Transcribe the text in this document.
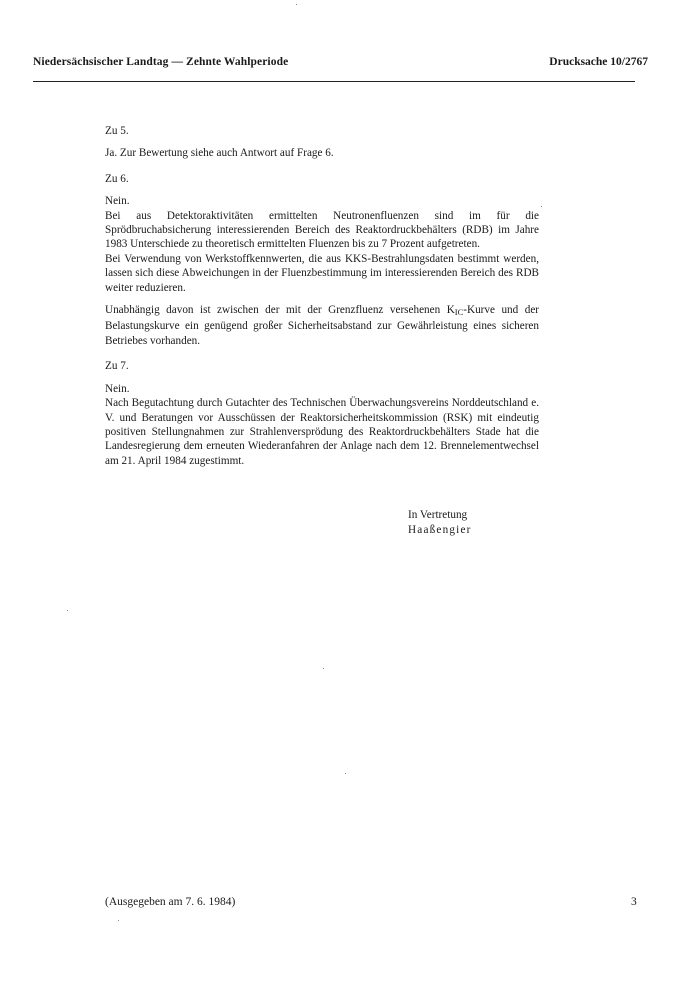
Niedersächsischer Landtag — Zehnte Wahlperiode	Drucksache 10/2767

Zu 5.

Ja. Zur Bewertung siehe auch Antwort auf Frage 6.

Zu 6.

Nein.

Bei aus Detektoraktivitäten ermittelten Neutronenfluenzen sind im für die Sprödbruchabsicherung interessierenden Bereich des Reaktordruckbehälters (RDB) im Jahre 1983 Unterschiede zu theoretisch ermittelten Fluenzen bis zu 7 Prozent aufgetreten.

Bei Verwendung von Werkstoffkennwerten, die aus KKS-Bestrahlungsdaten bestimmt werden, lassen sich diese Abweichungen in der Fluenzbestimmung im interessierenden Bereich des RDB weiter reduzieren.

Unabhängig davon ist zwischen der mit der Grenzfluenz versehenen $K_{IC}$-Kurve und der Belastungskurve ein genügend großer Sicherheitsabstand zur Gewährleistung eines sicheren Betriebes vorhanden.

Zu 7.

Nein.

Nach Begutachtung durch Gutachter des Technischen Überwachungsvereins Norddeutschland e. V. und Beratungen vor Ausschüssen der Reaktorsicherheitskommission (RSK) mit eindeutig positiven Stellungnahmen zur Strahlenversprödung des Reaktordruckbehälters Stade hat die Landesregierung dem erneuten Wiederanfahren der Anlage nach dem 12. Brennelementwechsel am 21. April 1984 zugestimmt.

In Vertretung
Haaßengier
(Ausgegeben am 7. 6. 1984)	3
